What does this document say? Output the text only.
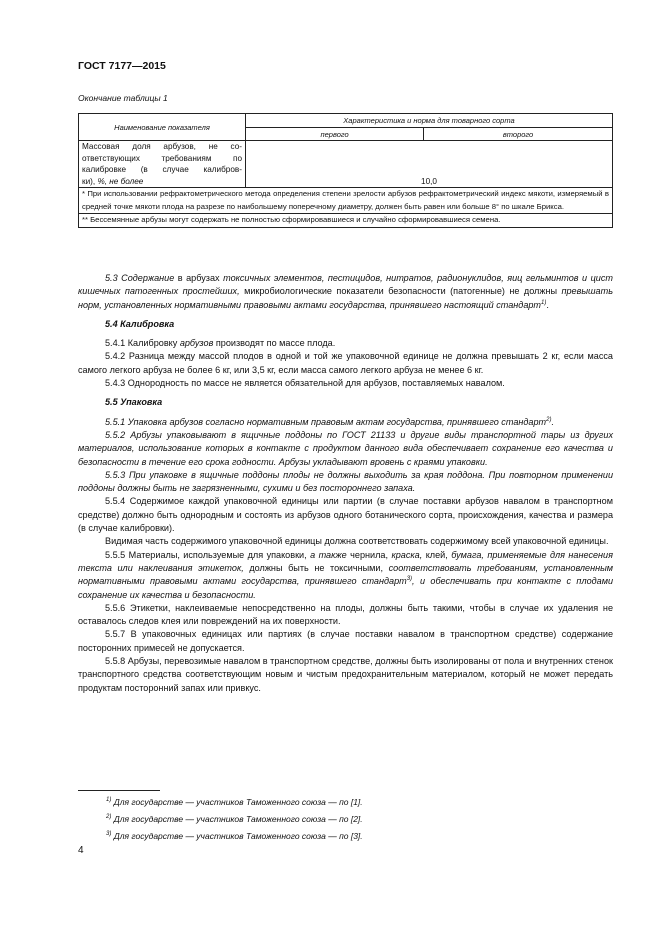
ГОСТ 7177—2015
Окончание таблицы 1
Наименование показателя	Характеристика и норма для товарного сорта	
	первого	второго

Массовая доля арбузов, не со-
ответствующих требованиям по
калибровке (в случае калибров-
ки), %, не более	10,0	
* При использовании рефрактометрического метода определения степени зрелости арбузов рефрактометрический индекс мякоти, измеряемый в средней точке мякоти плода на разрезе по наибольшему поперечному диаметру, должен быть равен или больше 8° по шкале Брикса.		
** Бессемянные арбузы могут содержать не полностью сформировавшиеся и случайно сформировавшиеся семена.		

5.3 Содержание в арбузах токсичных элементов, пестицидов, нитратов, радионуклидов, яиц гельминтов и цист кишечных патогенных простейших, микробиологические показатели безопасности (патогенные) не должны превышать норм, установленных нормативными правовыми актами государства, принявшего настоящий стандарт$^{1)}$.

5.4 Калибровка

5.4.1 Калибровку арбузов производят по массе плода.

5.4.2 Разница между массой плодов в одной и той же упаковочной единице не должна превышать 2 кг, если масса самого легкого арбуза не более 6 кг, или 3,5 кг, если масса самого легкого арбуза не менее 6 кг.

5.4.3 Однородность по массе не является обязательной для арбузов, поставляемых навалом.

5.5 Упаковка

5.5.1 Упаковка арбузов согласно нормативным правовым актам государства, принявшего стандарт$^{2)}$.

5.5.2 Арбузы упаковывают в ящичные поддоны по ГОСТ 21133 и другие виды транспортной тары из других материалов, использование которых в контакте с продуктом данного вида обеспечивает сохранение его качества и безопасности в течение его срока годности. Арбузы укладывают вровень с краями упаковки.

5.5.3 При упаковке в ящичные поддоны плоды не должны выходить за края поддона. При повторном применении поддоны должны быть не загрязненными, сухими и без постороннего запаха.

5.5.4 Содержимое каждой упаковочной единицы или партии (в случае поставки арбузов навалом в транспортном средстве) должно быть однородным и состоять из арбузов одного ботанического сорта, происхождения, качества и размера (в случае калибровки).

Видимая часть содержимого упаковочной единицы должна соответствовать содержимому всей упаковочной единицы.

5.5.5 Материалы, используемые для упаковки, а также чернила, краска, клей, бумага, применяемые для нанесения текста или наклеивания этикеток, должны быть не токсичными, соответствовать требованиям, установленным нормативными правовыми актами государства, принявшего стандарт$^{3)}$, и обеспечивать при контакте с плодами сохранение их качества и безопасности.

5.5.6 Этикетки, наклеиваемые непосредственно на плоды, должны быть такими, чтобы в случае их удаления не оставалось следов клея или повреждений на их поверхности.

5.5.7 В упаковочных единицах или партиях (в случае поставки навалом в транспортном средстве) содержание посторонних примесей не допускается.

5.5.8 Арбузы, перевозимые навалом в транспортном средстве, должны быть изолированы от пола и внутренних стенок транспортного средства соответствующим новым и чистым предохранительным материалом, который не может передать продуктам посторонний запах или привкус.

$^{1)}$ Для государстве — участников Таможенного союза — по [1].
$^{2)}$ Для государстве — участников Таможенного союза — по [2].
$^{3)}$ Для государстве — участников Таможенного союза — по [3].
4
